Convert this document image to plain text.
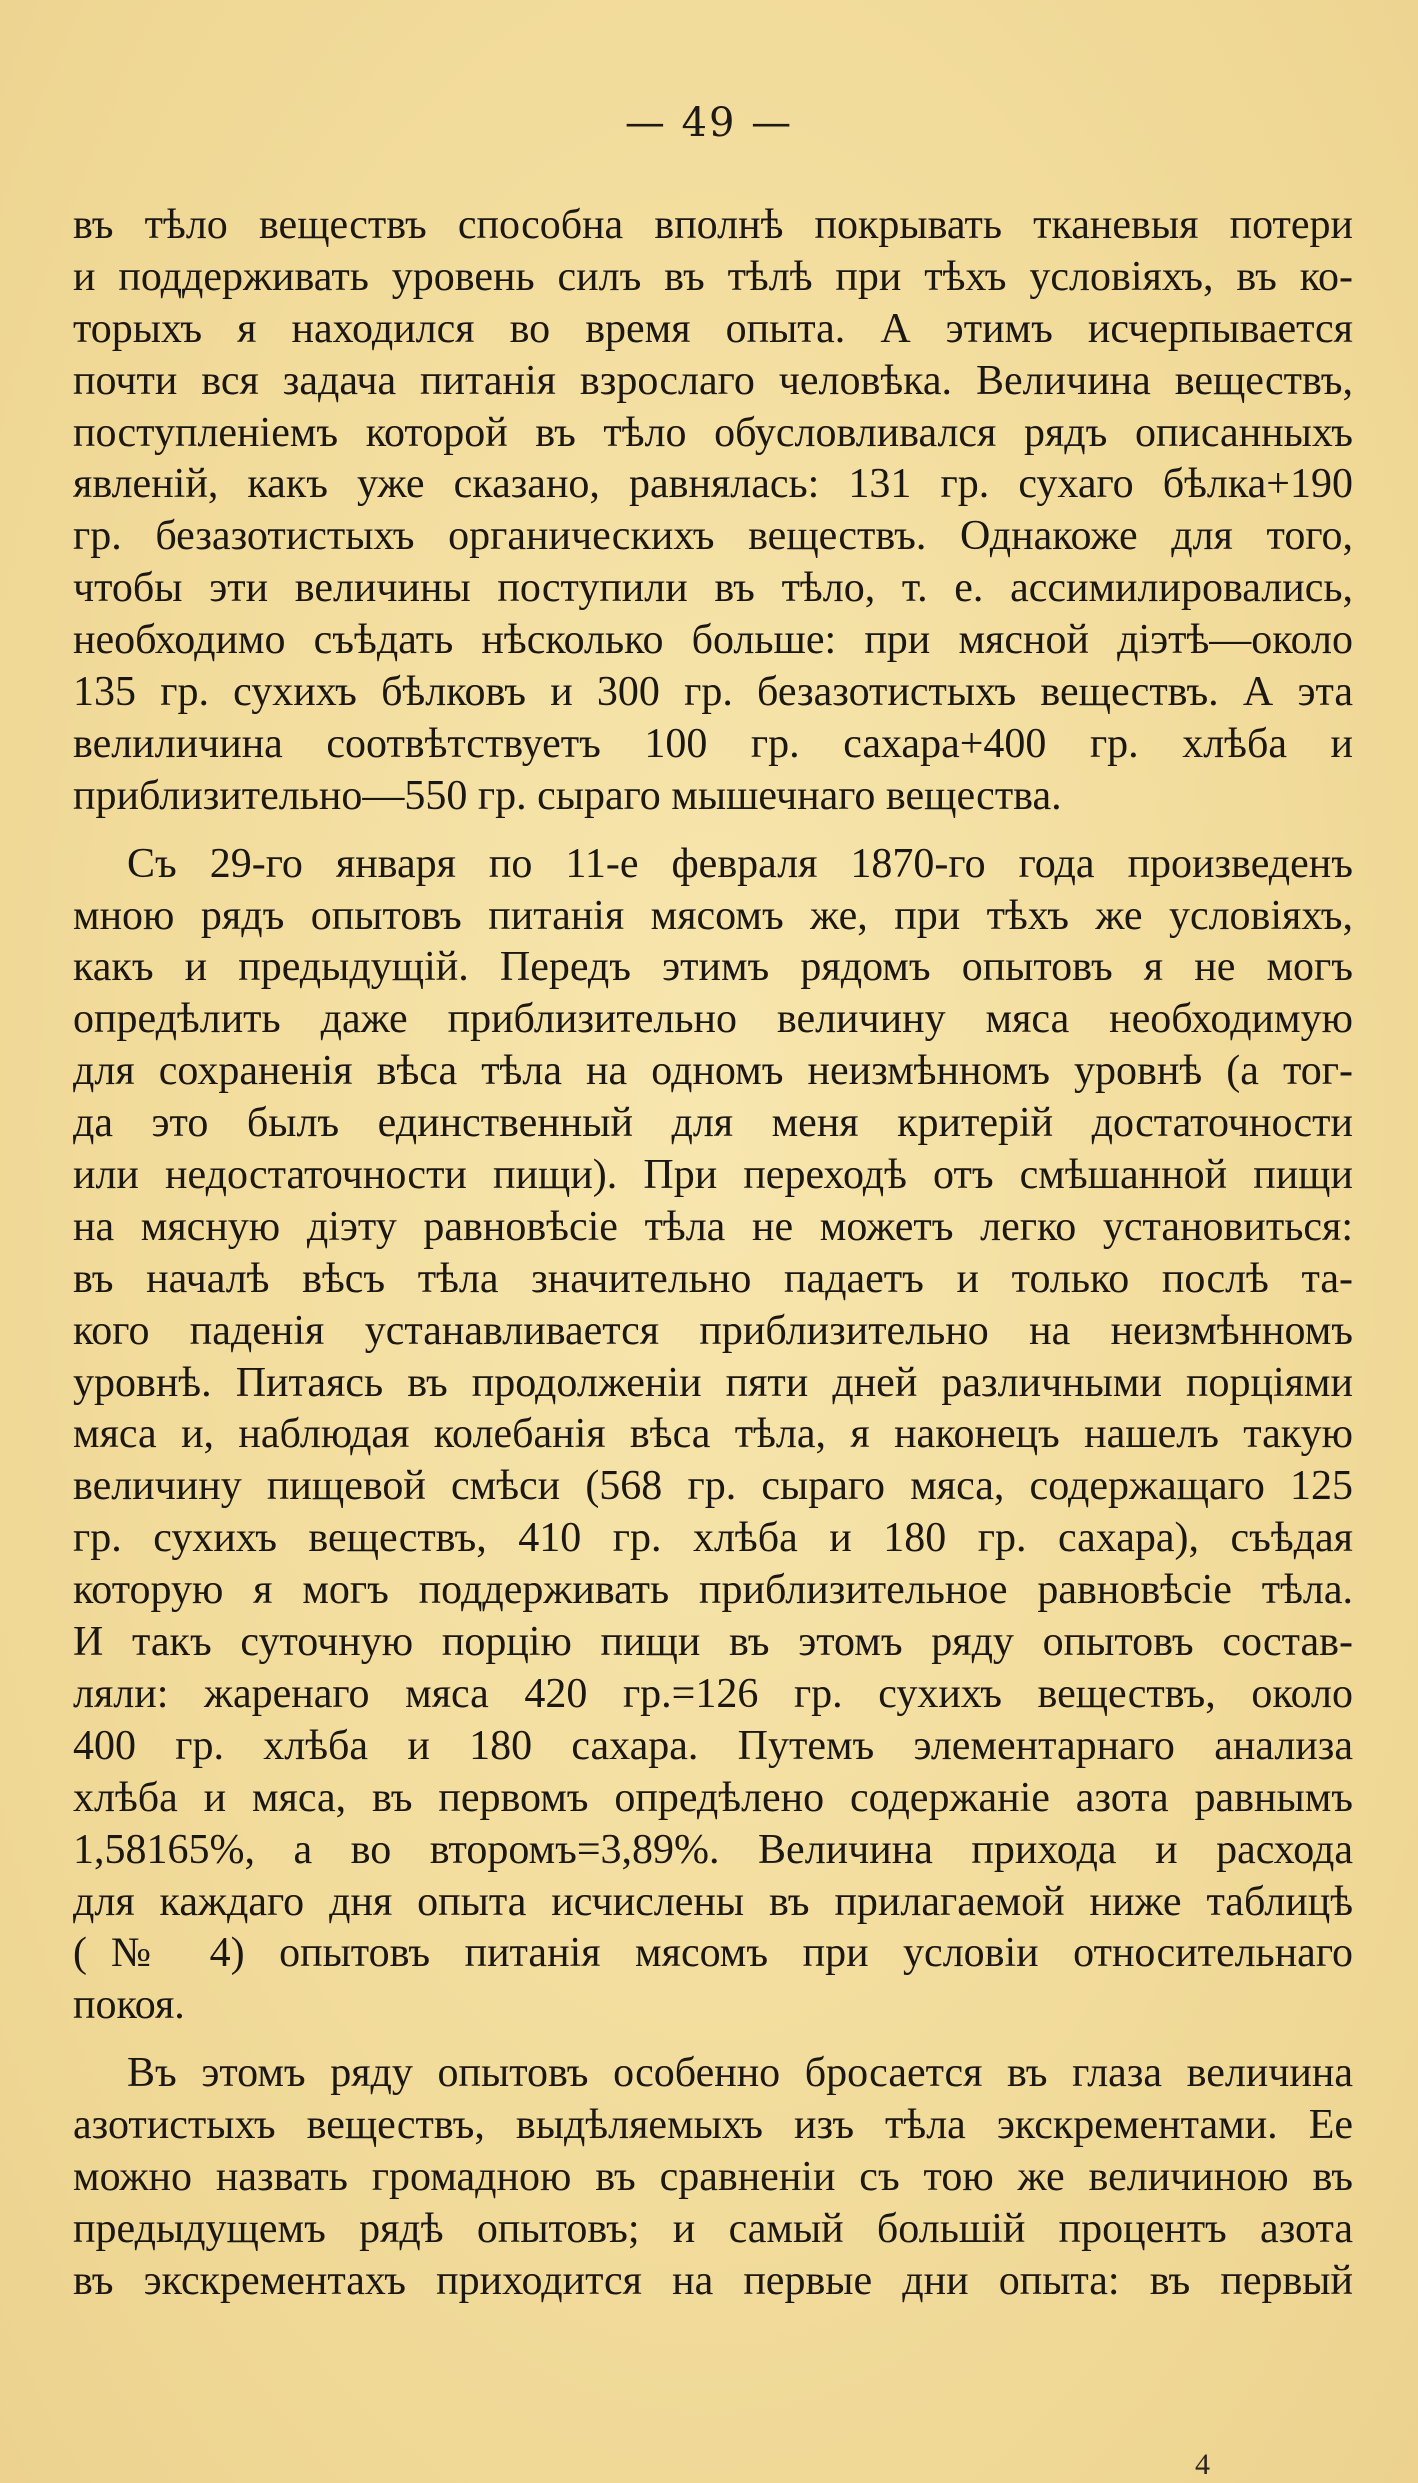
— 49 —
въ тѣло веществъ способна вполнѣ покрывать тканевыя потери
и поддерживать уровень силъ въ тѣлѣ при тѣхъ условіяхъ, въ ко-
торыхъ я находился во время опыта. А этимъ исчерпывается
почти вся задача питанія взрослаго человѣка. Величина веществъ,
поступленіемъ которой въ тѣло обусловливался рядъ описанныхъ
явленій, какъ уже сказано, равнялась: 131 гр. сухаго бѣлка+190
гр. безазотистыхъ органическихъ веществъ. Однакоже для того,
чтобы эти величины поступили въ тѣло, т. е. ассимилировались,
необходимо съѣдать нѣсколько больше: при мясной діэтѣ—около
135 гр. сухихъ бѣлковъ и 300 гр. безазотистыхъ веществъ. А эта
велиличина соотвѣтствуетъ 100 гр. сахара+400 гр. хлѣба и
приблизительно—550 гр. сыраго мышечнаго вещества.
Съ 29-го января по 11-е февраля 1870-го года произведенъ
мною рядъ опытовъ питанія мясомъ же, при тѣхъ же условіяхъ,
какъ и предыдущій. Передъ этимъ рядомъ опытовъ я не могъ
опредѣлить даже приблизительно величину мяса необходимую
для сохраненія вѣса тѣла на одномъ неизмѣнномъ уровнѣ (а тог-
да это былъ единственный для меня критерій достаточности
или недостаточности пищи). При переходѣ отъ смѣшанной пищи
на мясную діэту равновѣсіе тѣла не можетъ легко установиться:
въ началѣ вѣсъ тѣла значительно падаетъ и только послѣ та-
кого паденія устанавливается приблизительно на неизмѣнномъ
уровнѣ. Питаясь въ продолженіи пяти дней различными порціями
мяса и, наблюдая колебанія вѣса тѣла, я наконецъ нашелъ такую
величину пищевой смѣси (568 гр. сыраго мяса, содержащаго 125
гр. сухихъ веществъ, 410 гр. хлѣба и 180 гр. сахара), съѣдая
которую я могъ поддерживать приблизительное равновѣсіе тѣла.
И такъ суточную порцію пищи въ этомъ ряду опытовъ состав-
ляли: жаренаго мяса 420 гр.=126 гр. сухихъ веществъ, около
400 гр. хлѣба и 180 сахара. Путемъ элементарнаго анализа
хлѣба и мяса, въ первомъ опредѣлено содержаніе азота равнымъ
1,58165%, а во второмъ=3,89%. Величина прихода и расхода
для каждаго дня опыта исчислены въ прилагаемой ниже таблицѣ
(№ 4) опытовъ питанія мясомъ при условіи относительнаго
покоя.
Въ этомъ ряду опытовъ особенно бросается въ глаза величина
азотистыхъ веществъ, выдѣляемыхъ изъ тѣла экскрементами. Ее
можно назвать громадною въ сравненіи съ тою же величиною въ
предыдущемъ рядѣ опытовъ; и самый большій процентъ азота
въ экскрементахъ приходится на первые дни опыта: въ первый
4
